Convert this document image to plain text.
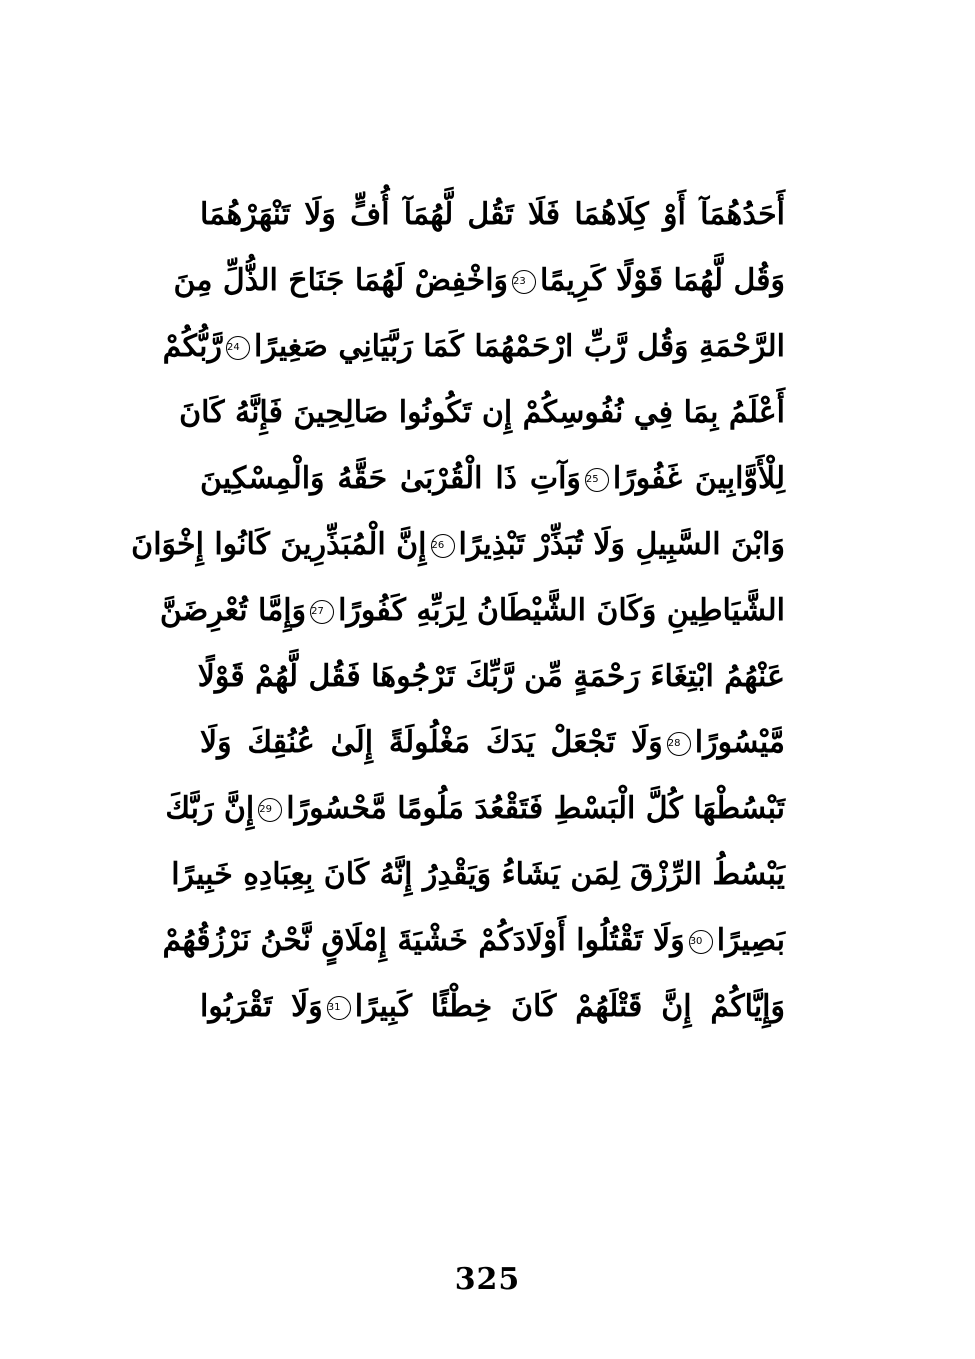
أَحَدُهُمَآ أَوْ كِلَاهُمَا فَلَا تَقُل لَّهُمَآ أُفٍّ وَلَا تَنْهَرْهُمَا
وَقُل لَّهُمَا قَوْلًا كَرِيمًا23وَاخْفِضْ لَهُمَا جَنَاحَ الذُّلِّ مِنَ
الرَّحْمَةِ وَقُل رَّبِّ ارْحَمْهُمَا كَمَا رَبَّيَانِي صَغِيرًا24رَّبُّكُمْ
أَعْلَمُ بِمَا فِي نُفُوسِكُمْ إِن تَكُونُوا صَالِحِينَ فَإِنَّهُ كَانَ
لِلْأَوَّابِينَ غَفُورًا25وَآتِ ذَا الْقُرْبَىٰ حَقَّهُ وَالْمِسْكِينَ
وَابْنَ السَّبِيلِ وَلَا تُبَذِّرْ تَبْذِيرًا26إِنَّ الْمُبَذِّرِينَ كَانُوا إِخْوَانَ
الشَّيَاطِينِ وَكَانَ الشَّيْطَانُ لِرَبِّهِ كَفُورًا27وَإِمَّا تُعْرِضَنَّ
عَنْهُمُ ابْتِغَاءَ رَحْمَةٍ مِّن رَّبِّكَ تَرْجُوهَا فَقُل لَّهُمْ قَوْلًا
مَّيْسُورًا28وَلَا تَجْعَلْ يَدَكَ مَغْلُولَةً إِلَىٰ عُنُقِكَ وَلَا
تَبْسُطْهَا كُلَّ الْبَسْطِ فَتَقْعُدَ مَلُومًا مَّحْسُورًا29إِنَّ رَبَّكَ
يَبْسُطُ الرِّزْقَ لِمَن يَشَاءُ وَيَقْدِرُ إِنَّهُ كَانَ بِعِبَادِهِ خَبِيرًا
بَصِيرًا30وَلَا تَقْتُلُوا أَوْلَادَكُمْ خَشْيَةَ إِمْلَاقٍ نَّحْنُ نَرْزُقُهُمْ
وَإِيَّاكُمْ إِنَّ قَتْلَهُمْ كَانَ خِطْئًا كَبِيرًا31وَلَا تَقْرَبُوا
325
